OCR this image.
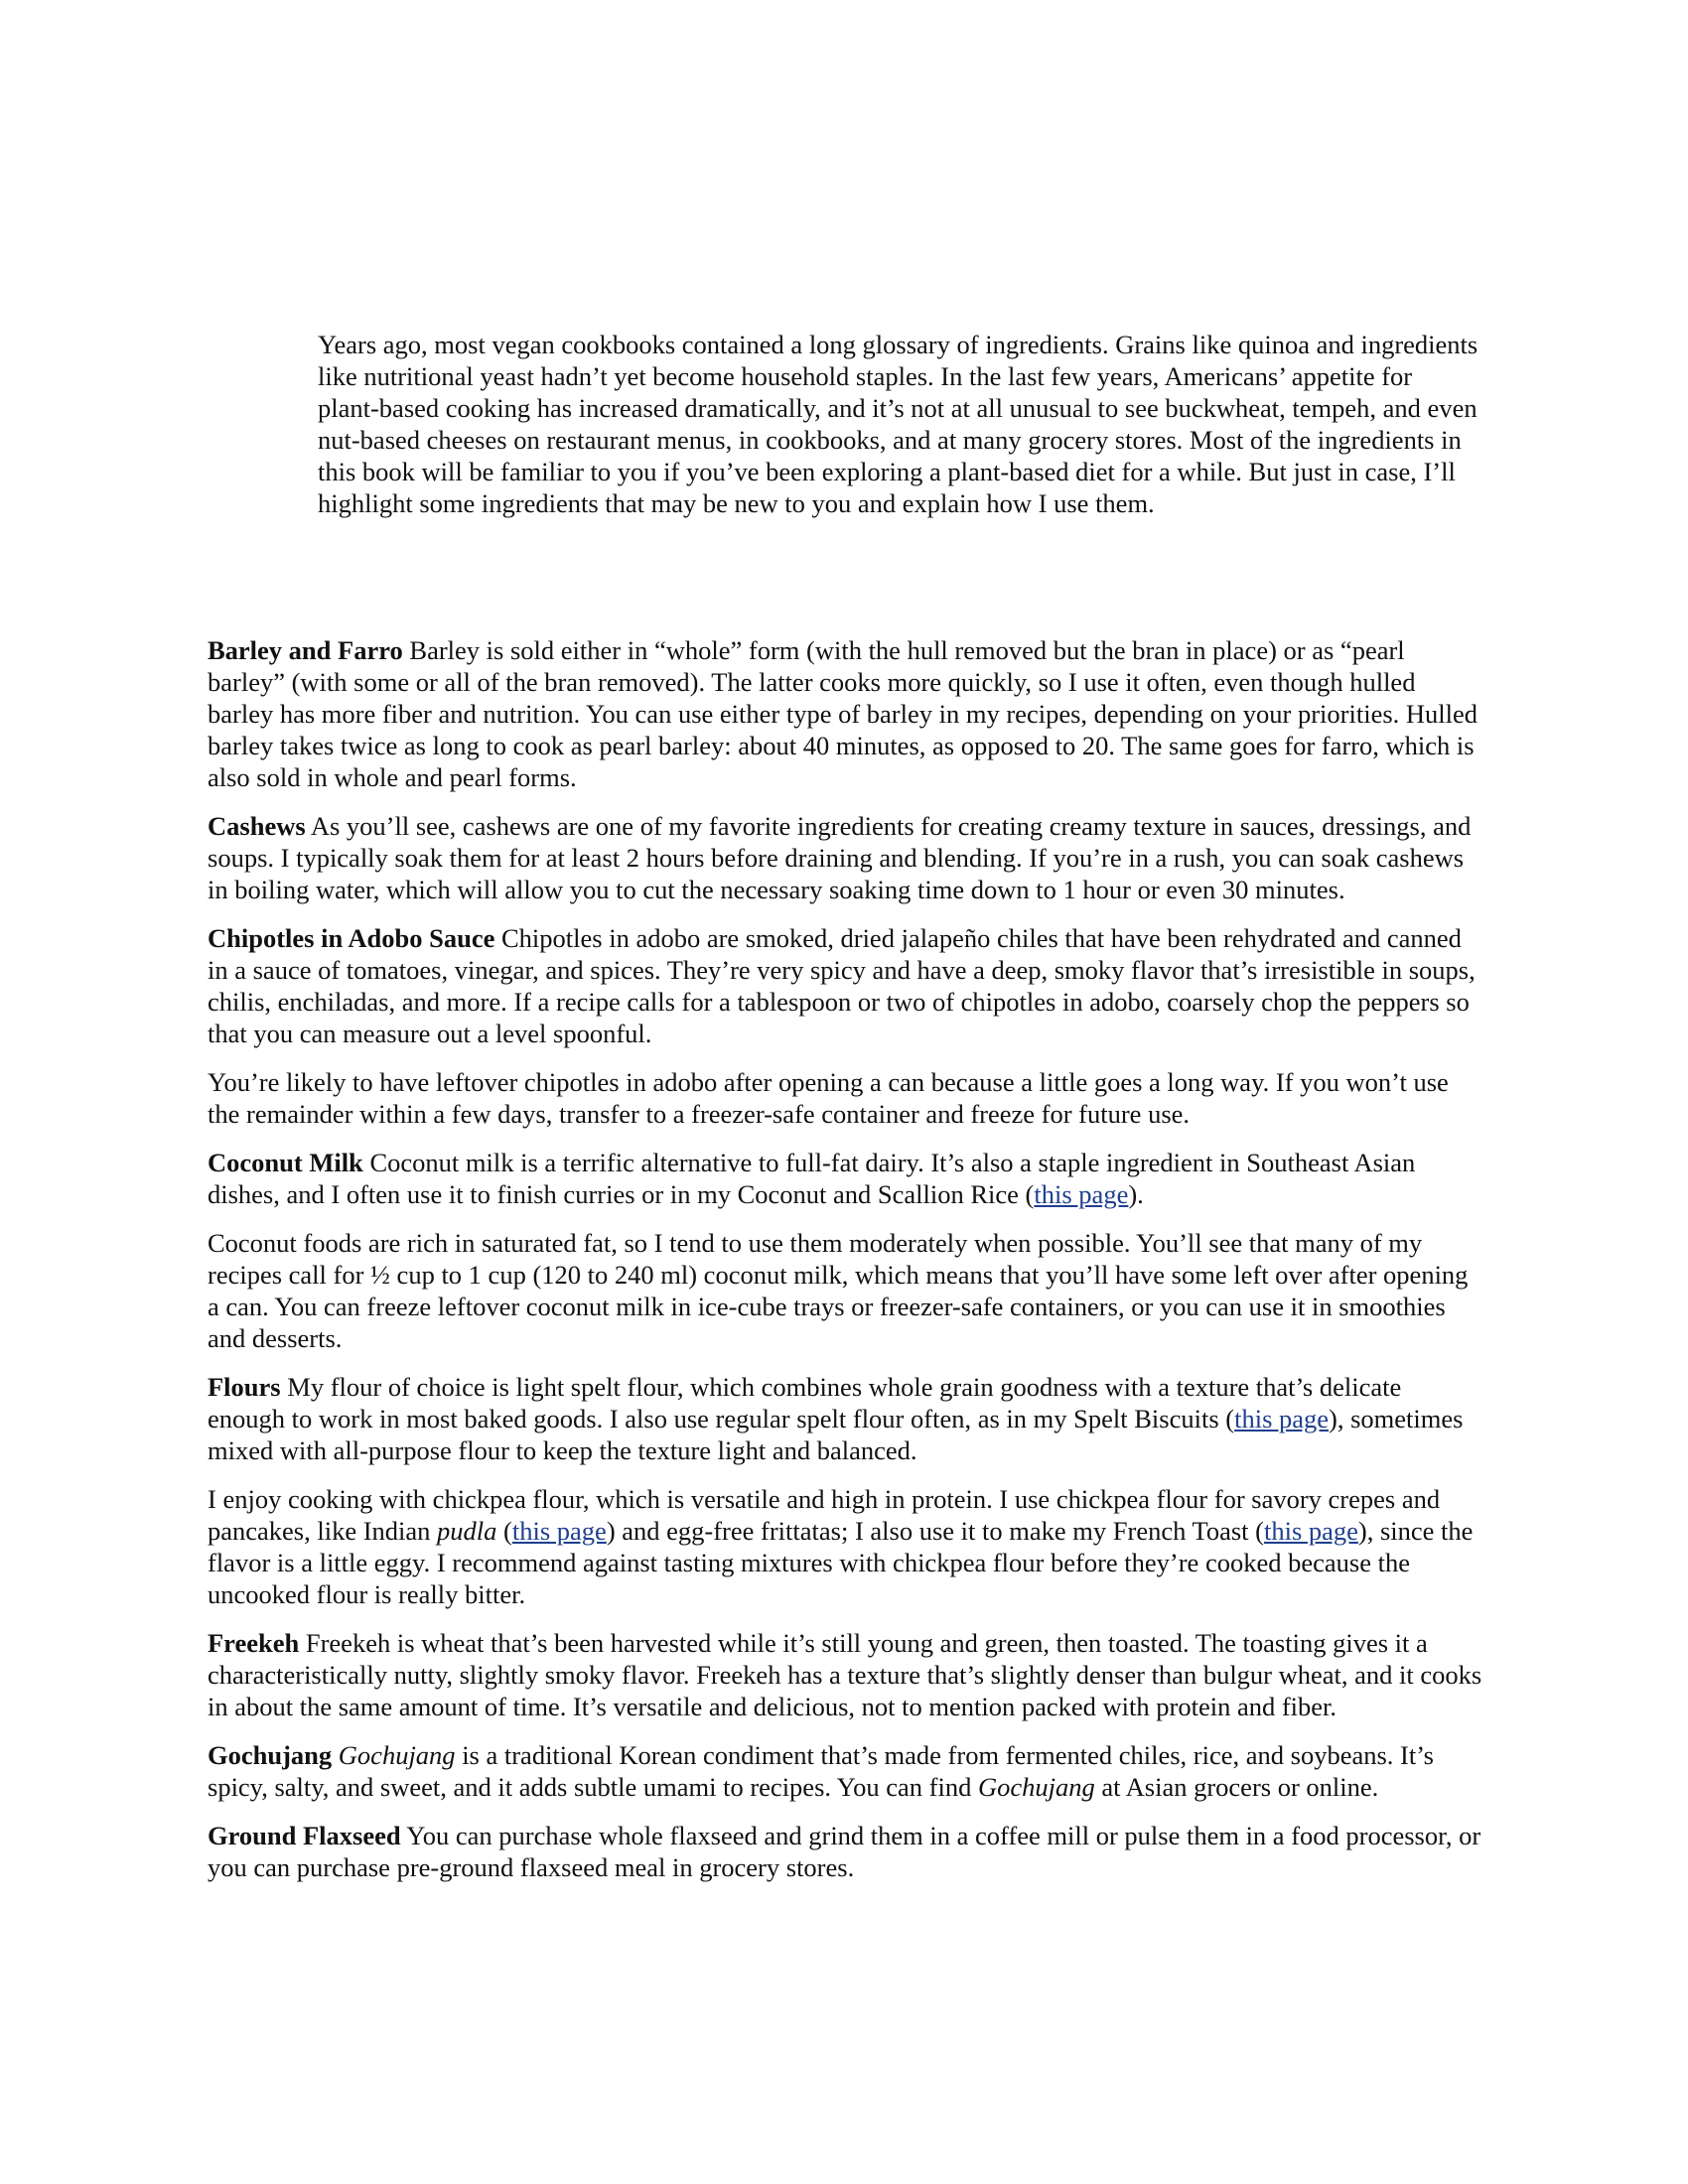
Years ago, most vegan cookbooks contained a long glossary of ingredients. Grains like quinoa and ingredients like nutritional yeast hadn’t yet become household staples. In the last few years, Americans’ appetite for plant-based cooking has increased dramatically, and it’s not at all unusual to see buckwheat, tempeh, and even nut-based cheeses on restaurant menus, in cookbooks, and at many grocery stores. Most of the ingredients in this book will be familiar to you if you’ve been exploring a plant-based diet for a while. But just in case, I’ll highlight some ingredients that may be new to you and explain how I use them.

Barley and Farro Barley is sold either in “whole” form (with the hull removed but the bran in place) or as “pearl barley” (with some or all of the bran removed). The latter cooks more quickly, so I use it often, even though hulled barley has more fiber and nutrition. You can use either type of barley in my recipes, depending on your priorities. Hulled barley takes twice as long to cook as pearl barley: about 40 minutes, as opposed to 20. The same goes for farro, which is also sold in whole and pearl forms.

Cashews As you’ll see, cashews are one of my favorite ingredients for creating creamy texture in sauces, dressings, and soups. I typically soak them for at least 2 hours before draining and blending. If you’re in a rush, you can soak cashews in boiling water, which will allow you to cut the necessary soaking time down to 1 hour or even 30 minutes.

Chipotles in Adobo Sauce Chipotles in adobo are smoked, dried jalapeño chiles that have been rehydrated and canned in a sauce of tomatoes, vinegar, and spices. They’re very spicy and have a deep, smoky flavor that’s irresistible in soups, chilis, enchiladas, and more. If a recipe calls for a tablespoon or two of chipotles in adobo, coarsely chop the peppers so that you can measure out a level spoonful.

You’re likely to have leftover chipotles in adobo after opening a can because a little goes a long way. If you won’t use the remainder within a few days, transfer to a freezer-safe container and freeze for future use.

Coconut Milk Coconut milk is a terrific alternative to full-fat dairy. It’s also a staple ingredient in Southeast Asian dishes, and I often use it to finish curries or in my Coconut and Scallion Rice (this page).

Coconut foods are rich in saturated fat, so I tend to use them moderately when possible. You’ll see that many of my recipes call for ½ cup to 1 cup (120 to 240 ml) coconut milk, which means that you’ll have some left over after opening a can. You can freeze leftover coconut milk in ice-cube trays or freezer-safe containers, or you can use it in smoothies and desserts.

Flours My flour of choice is light spelt flour, which combines whole grain goodness with a texture that’s delicate enough to work in most baked goods. I also use regular spelt flour often, as in my Spelt Biscuits (this page), sometimes mixed with all-purpose flour to keep the texture light and balanced.

I enjoy cooking with chickpea flour, which is versatile and high in protein. I use chickpea flour for savory crepes and pancakes, like Indian pudla (this page) and egg-free frittatas; I also use it to make my French Toast (this page), since the flavor is a little eggy. I recommend against tasting mixtures with chickpea flour before they’re cooked because the uncooked flour is really bitter.

Freekeh Freekeh is wheat that’s been harvested while it’s still young and green, then toasted. The toasting gives it a characteristically nutty, slightly smoky flavor. Freekeh has a texture that’s slightly denser than bulgur wheat, and it cooks in about the same amount of time. It’s versatile and delicious, not to mention packed with protein and fiber.

Gochujang Gochujang is a traditional Korean condiment that’s made from fermented chiles, rice, and soybeans. It’s spicy, salty, and sweet, and it adds subtle umami to recipes. You can find Gochujang at Asian grocers or online.

Ground Flaxseed You can purchase whole flaxseed and grind them in a coffee mill or pulse them in a food processor, or you can purchase pre-ground flaxseed meal in grocery stores.
